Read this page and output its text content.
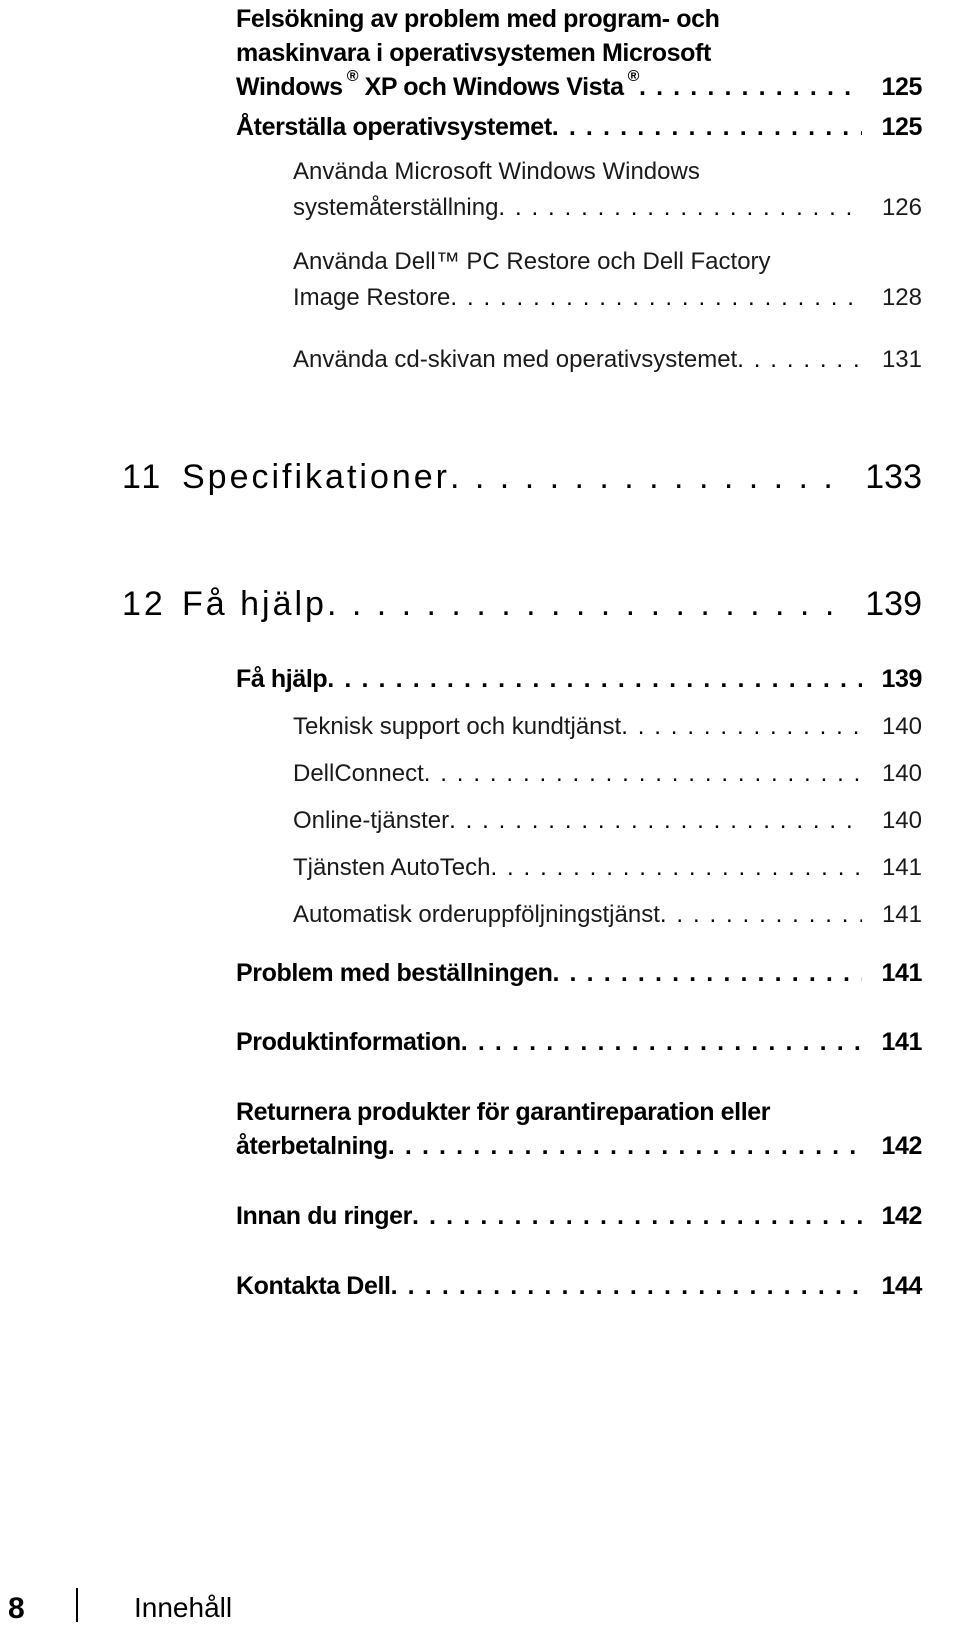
Felsökning av problem med program- och
maskinvara i operativsystemen Microsoft
Windows ® XP och Windows Vista ® . . .	125
Återställa operativsystemet . . .	125
Använda Microsoft Windows Windows
systemåterställning . . .	126
Använda Dell™ PC Restore och Dell Factory
Image Restore . . .	128
Använda cd-skivan med operativsystemet . . .	131
11 Specifikationer . . .	133
12 Få hjälp . . .	139
Få hjälp . . .	139
Teknisk support och kundtjänst . . .	140
DellConnect . . .	140
Online-tjänster . . .	140
Tjänsten AutoTech . . .	141
Automatisk orderuppföljningstjänst . . .	141
Problem med beställningen . . .	141
Produktinformation . . .	141
Returnera produkter för garantireparation eller
återbetalning . . .	142
Innan du ringer . . .	142
Kontakta Dell . . .	144
8	Innehåll
